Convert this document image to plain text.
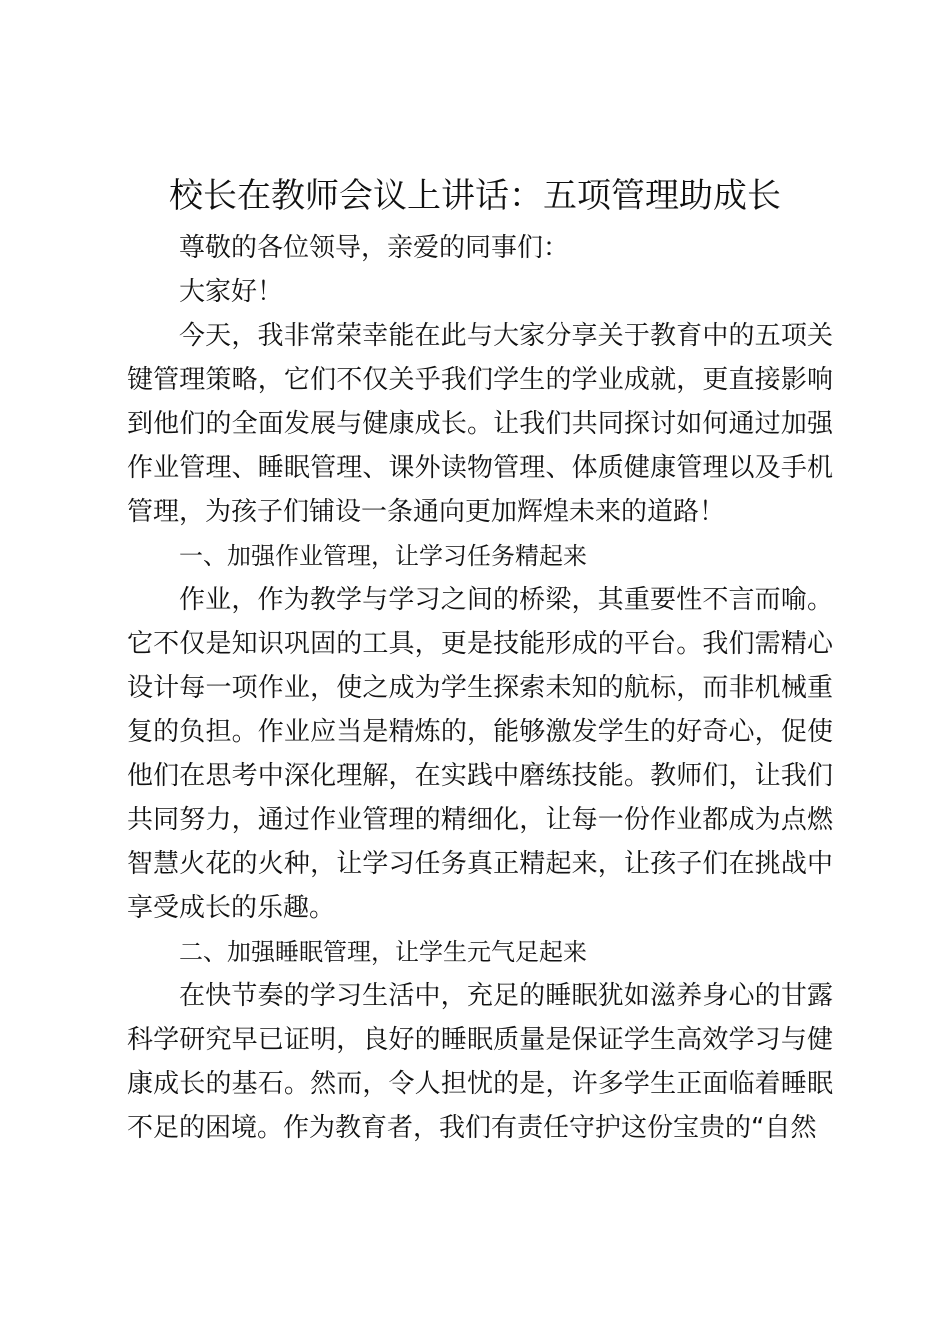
校长在教师会议上讲话：五项管理助成长

尊敬的各位领导，亲爱的同事们：

大家好！

今天，我非常荣幸能在此与大家分享关于教育中的五项关键管理策略，它们不仅关乎我们学生的学业成就，更直接影响到他们的全面发展与健康成长。让我们共同探讨如何通过加强作业管理、睡眠管理、课外读物管理、体质健康管理以及手机管理，为孩子们铺设一条通向更加辉煌未来的道路！

一、加强作业管理，让学习任务精起来

作业，作为教学与学习之间的桥梁，其重要性不言而喻。它不仅是知识巩固的工具，更是技能形成的平台。我们需精心设计每一项作业，使之成为学生探索未知的航标，而非机械重复的负担。作业应当是精炼的，能够激发学生的好奇心，促使他们在思考中深化理解，在实践中磨练技能。教师们，让我们共同努力，通过作业管理的精细化，让每一份作业都成为点燃智慧火花的火种，让学习任务真正精起来，让孩子们在挑战中享受成长的乐趣。

二、加强睡眠管理，让学生元气足起来

在快节奏的学习生活中，充足的睡眠犹如滋养身心的甘露科学研究早已证明，良好的睡眠质量是保证学生高效学习与健康成长的基石。然而，令人担忧的是，许多学生正面临着睡眠不足的困境。作为教育者，我们有责任守护这份宝贵的“自然
